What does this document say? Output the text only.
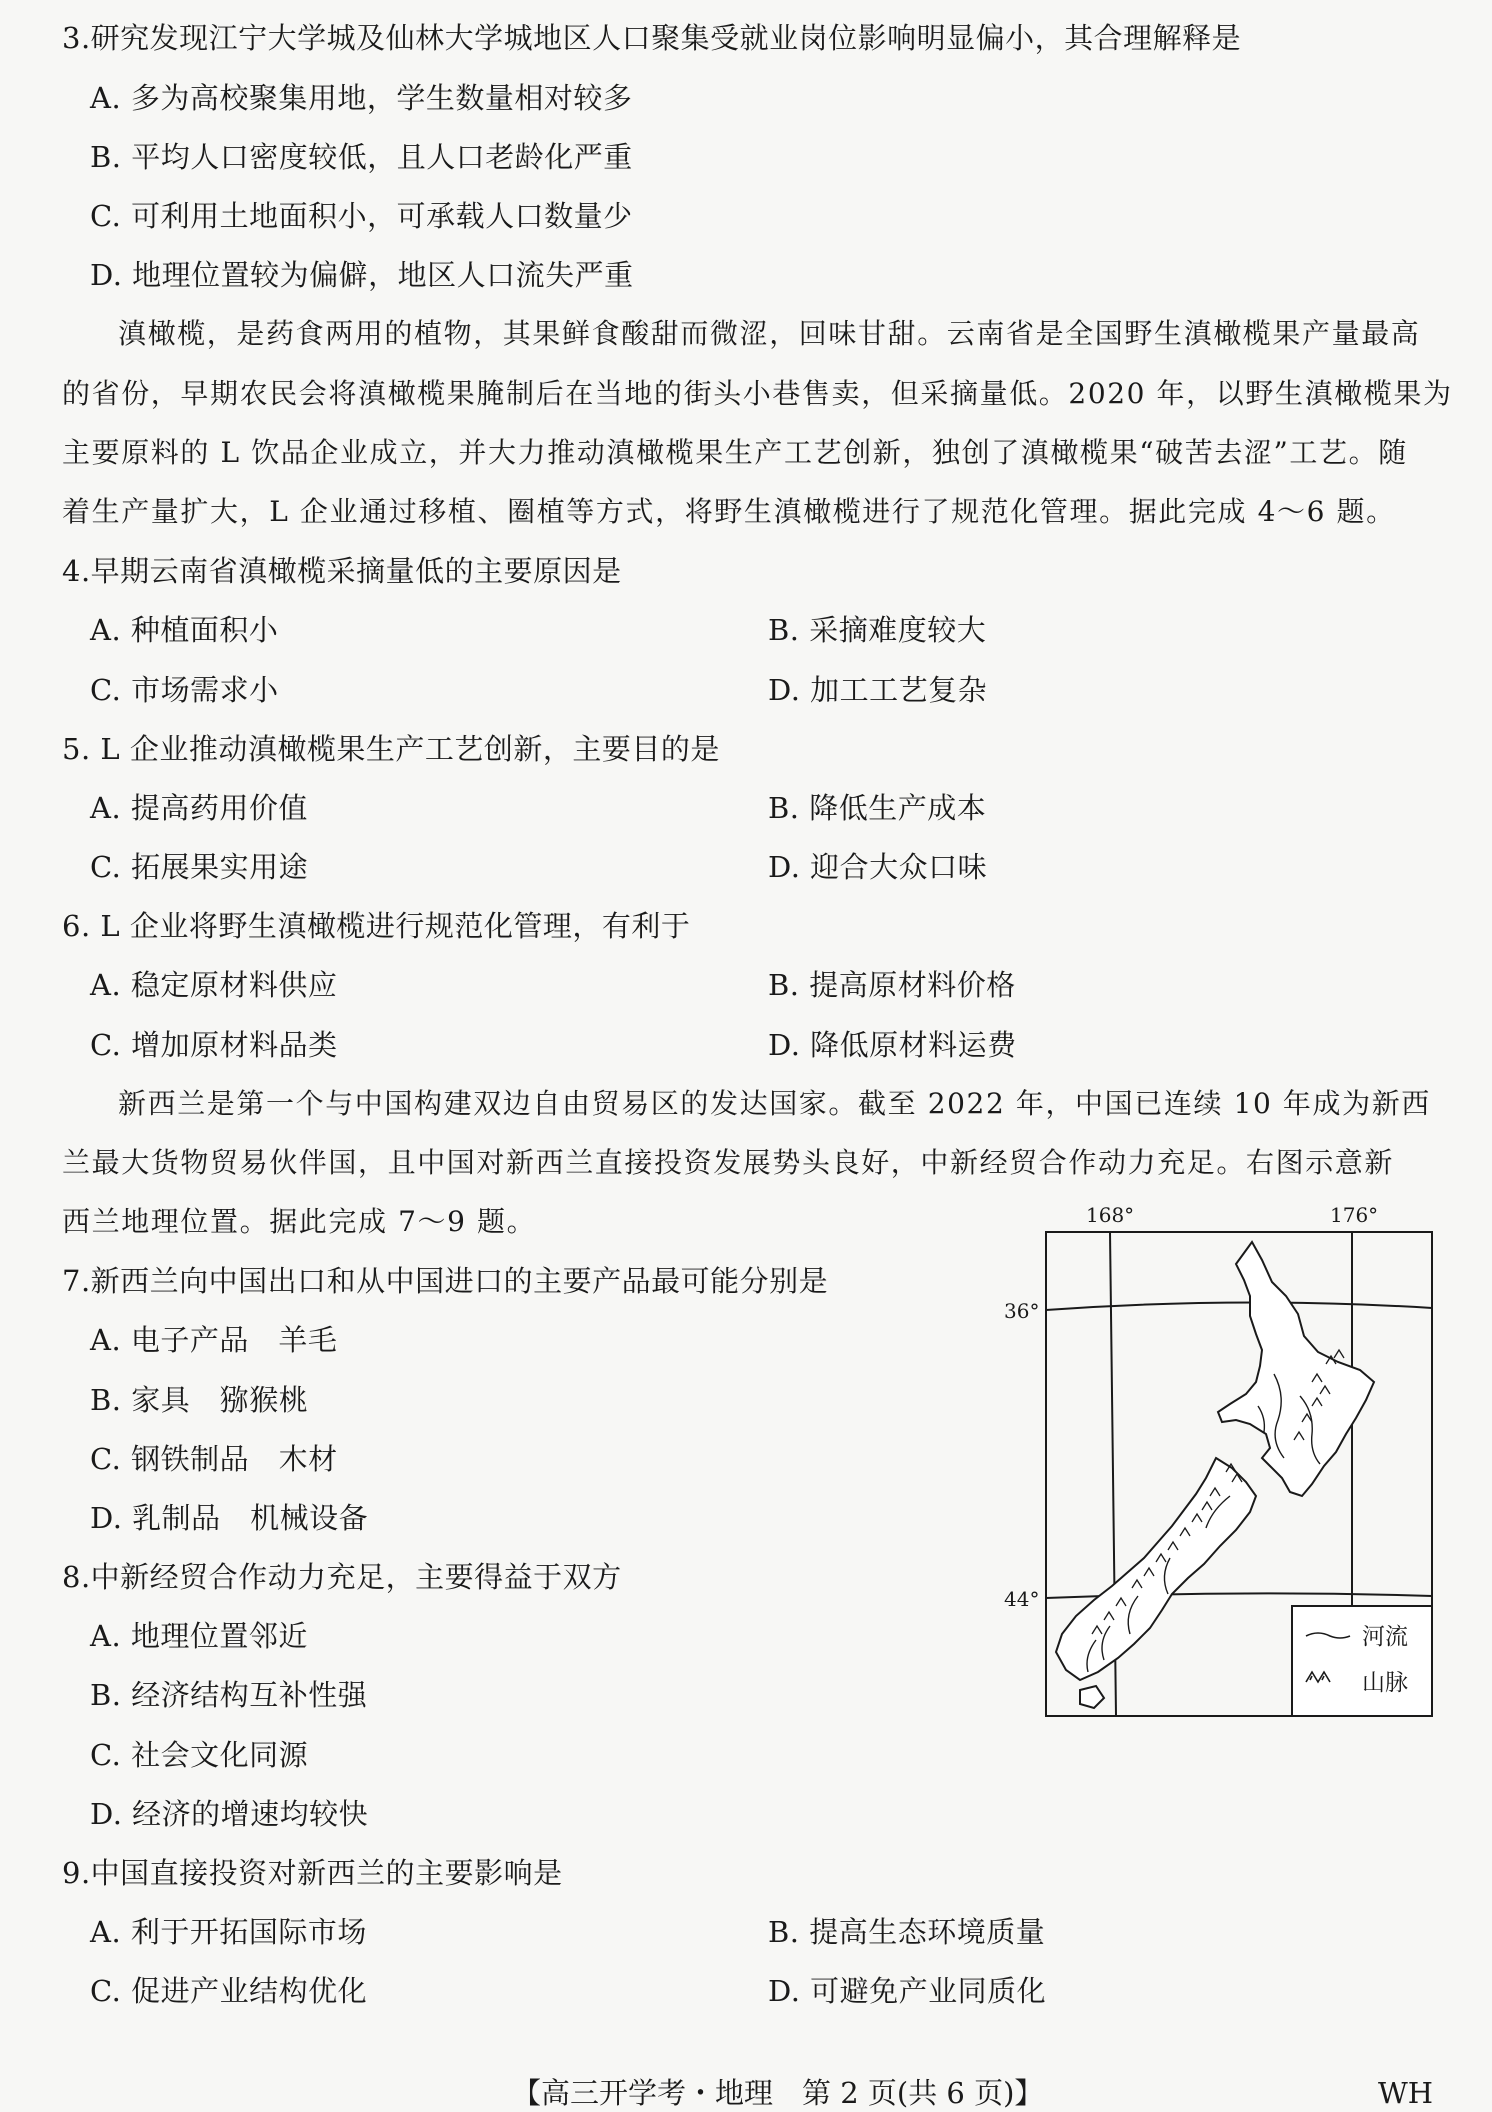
3.研究发现江宁大学城及仙林大学城地区人口聚集受就业岗位影响明显偏小，其合理解释是
A. 多为高校聚集用地，学生数量相对较多
B. 平均人口密度较低，且人口老龄化严重
C. 可利用土地面积小，可承载人口数量少
D. 地理位置较为偏僻，地区人口流失严重
滇橄榄，是药食两用的植物，其果鲜食酸甜而微涩，回味甘甜。云南省是全国野生滇橄榄果产量最高
的省份，早期农民会将滇橄榄果腌制后在当地的街头小巷售卖，但采摘量低。2020 年，以野生滇橄榄果为
主要原料的 L 饮品企业成立，并大力推动滇橄榄果生产工艺创新，独创了滇橄榄果“破苦去涩”工艺。随
着生产量扩大，L 企业通过移植、圈植等方式，将野生滇橄榄进行了规范化管理。据此完成 4～6 题。
4.早期云南省滇橄榄采摘量低的主要原因是
A. 种植面积小	B. 采摘难度较大
C. 市场需求小	D. 加工工艺复杂
5. L 企业推动滇橄榄果生产工艺创新，主要目的是
A. 提高药用价值	B. 降低生产成本
C. 拓展果实用途	D. 迎合大众口味
6. L 企业将野生滇橄榄进行规范化管理，有利于
A. 稳定原材料供应	B. 提高原材料价格
C. 增加原材料品类	D. 降低原材料运费
新西兰是第一个与中国构建双边自由贸易区的发达国家。截至 2022 年，中国已连续 10 年成为新西
兰最大货物贸易伙伴国，且中国对新西兰直接投资发展势头良好，中新经贸合作动力充足。右图示意新
西兰地理位置。据此完成 7～9 题。
7.新西兰向中国出口和从中国进口的主要产品最可能分别是
A. 电子产品　羊毛
B. 家具　猕猴桃
C. 钢铁制品　木材
D. 乳制品　机械设备
8.中新经贸合作动力充足，主要得益于双方
A. 地理位置邻近
B. 经济结构互补性强
C. 社会文化同源
D. 经济的增速均较快
9.中国直接投资对新西兰的主要影响是
A. 利于开拓国际市场	B. 提高生态环境质量
C. 促进产业结构优化	D. 可避免产业同质化
168°	176°
36°
44°
河流
山脉
【高三开学考・地理　第 2 页(共 6 页)】	WH
